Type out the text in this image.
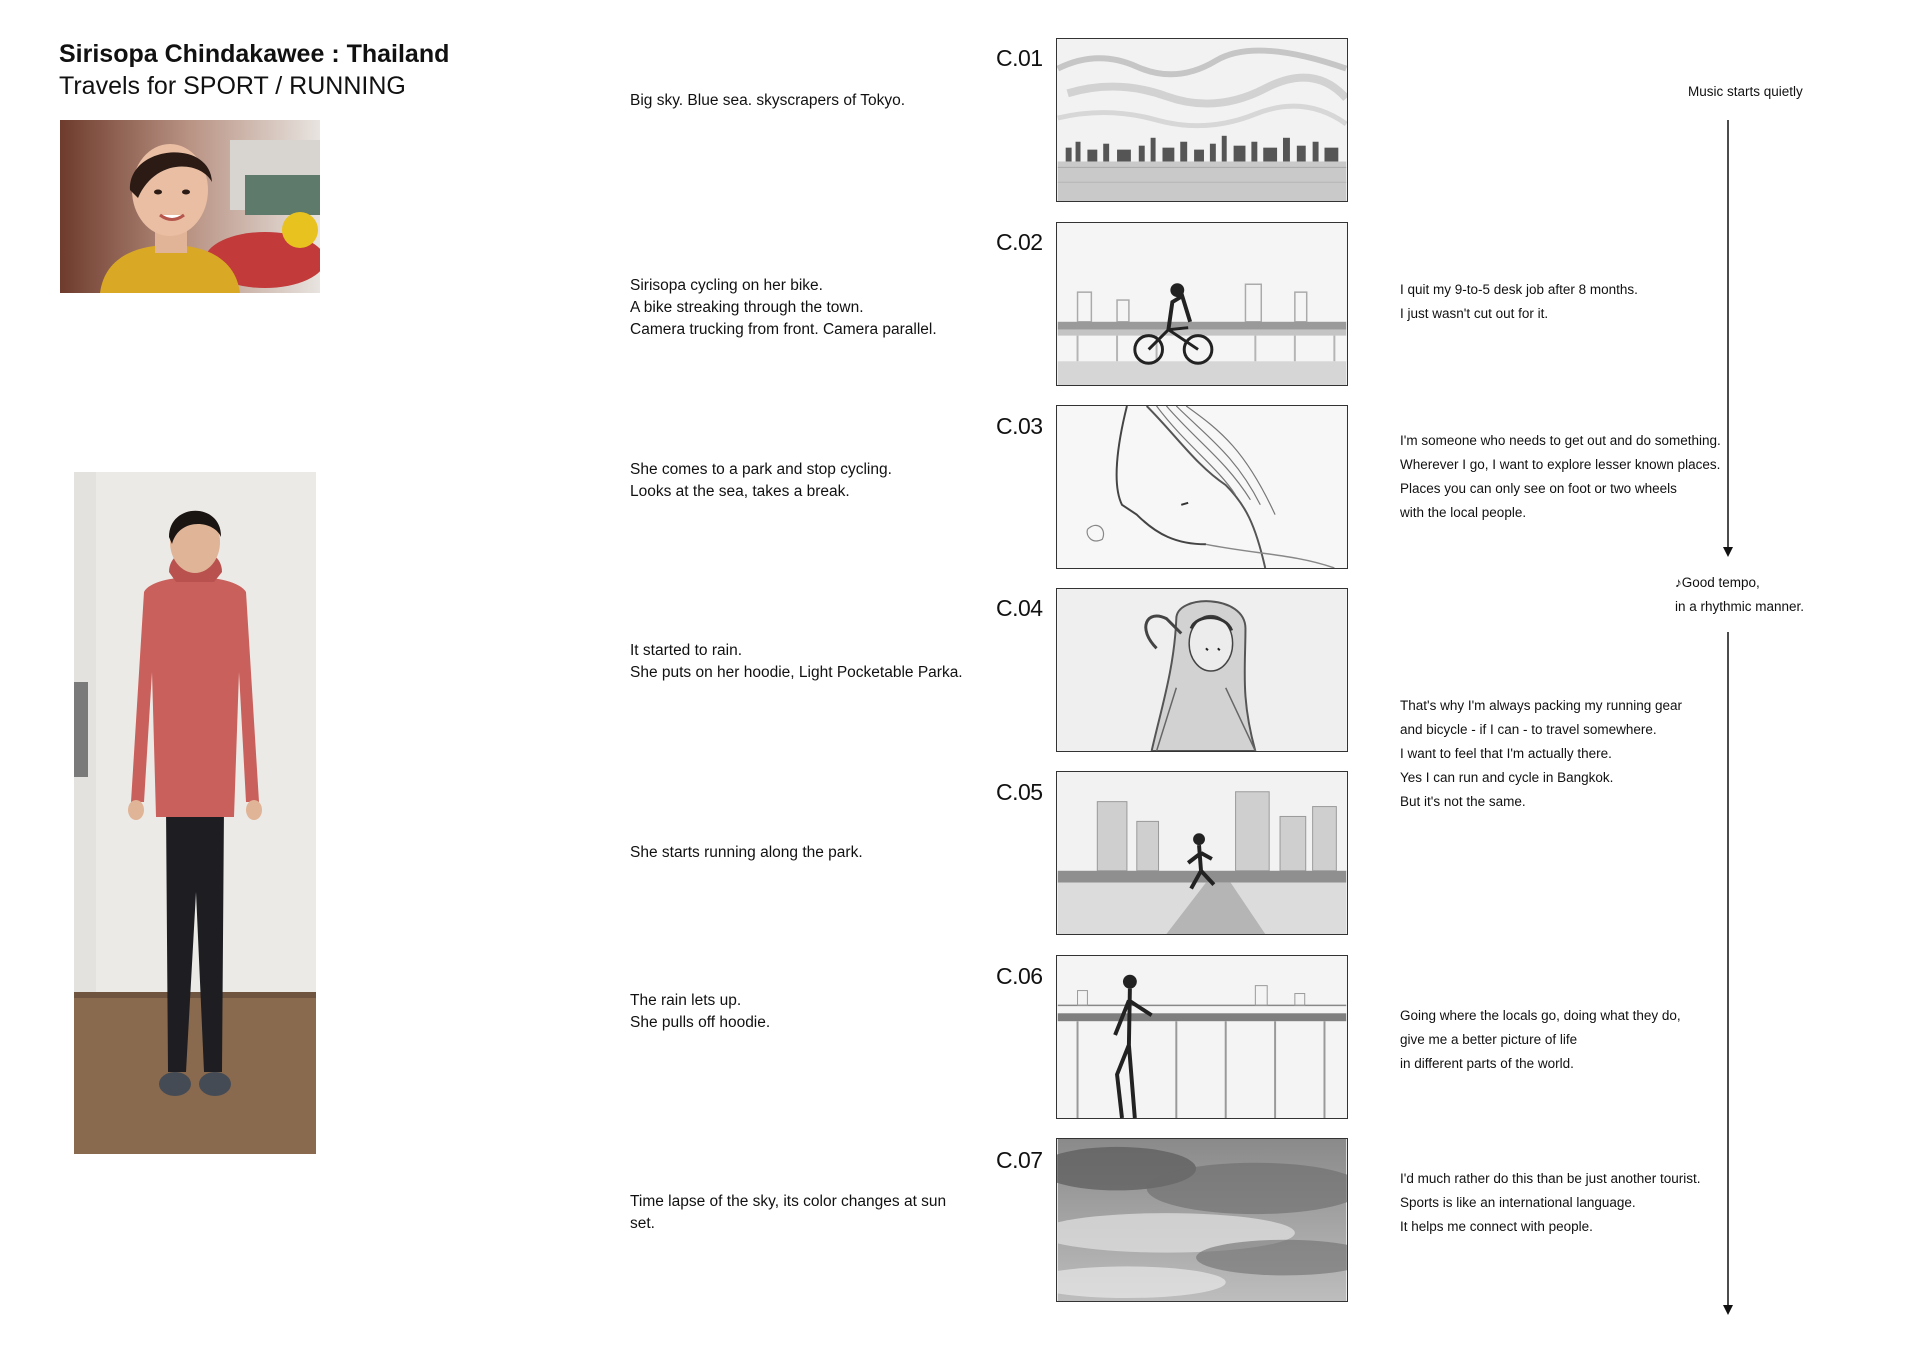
Sirisopa Chindakawee : Thailand
Travels for SPORT / RUNNING
Big sky. Blue sea. skyscrapers of Tokyo.
Sirisopa cycling on her bike.
A bike streaking through the town.
Camera trucking from front. Camera parallel.
She comes to a park and stop cycling.
Looks at the sea, takes a break.
It started to rain.
She puts on her hoodie, Light Pocketable Parka.
She starts running along the park.
The rain lets up.
She pulls off hoodie.
Time lapse of the sky, its color changes at sun set.
C.01
C.02
C.03
C.04
C.05
C.06
C.07
I quit my 9-to-5 desk job after 8 months.
I just wasn't cut out for it.
I'm someone who needs to get out and do something.
Wherever I go, I want to explore lesser known places.
Places you can only see on foot or two wheels
with the local people.
That's why I'm always packing my running gear
and bicycle - if I can - to travel somewhere.
I want to feel that I'm actually there.
Yes I can run and cycle in Bangkok.
But it's not the same.
Going where the locals go, doing what they do,
give me a better picture of life
in different parts of the world.
I'd much rather do this than be just another tourist.
Sports is like an international language.
It helps me connect with people.
Music starts quietly
♪Good tempo,
in a rhythmic manner.
